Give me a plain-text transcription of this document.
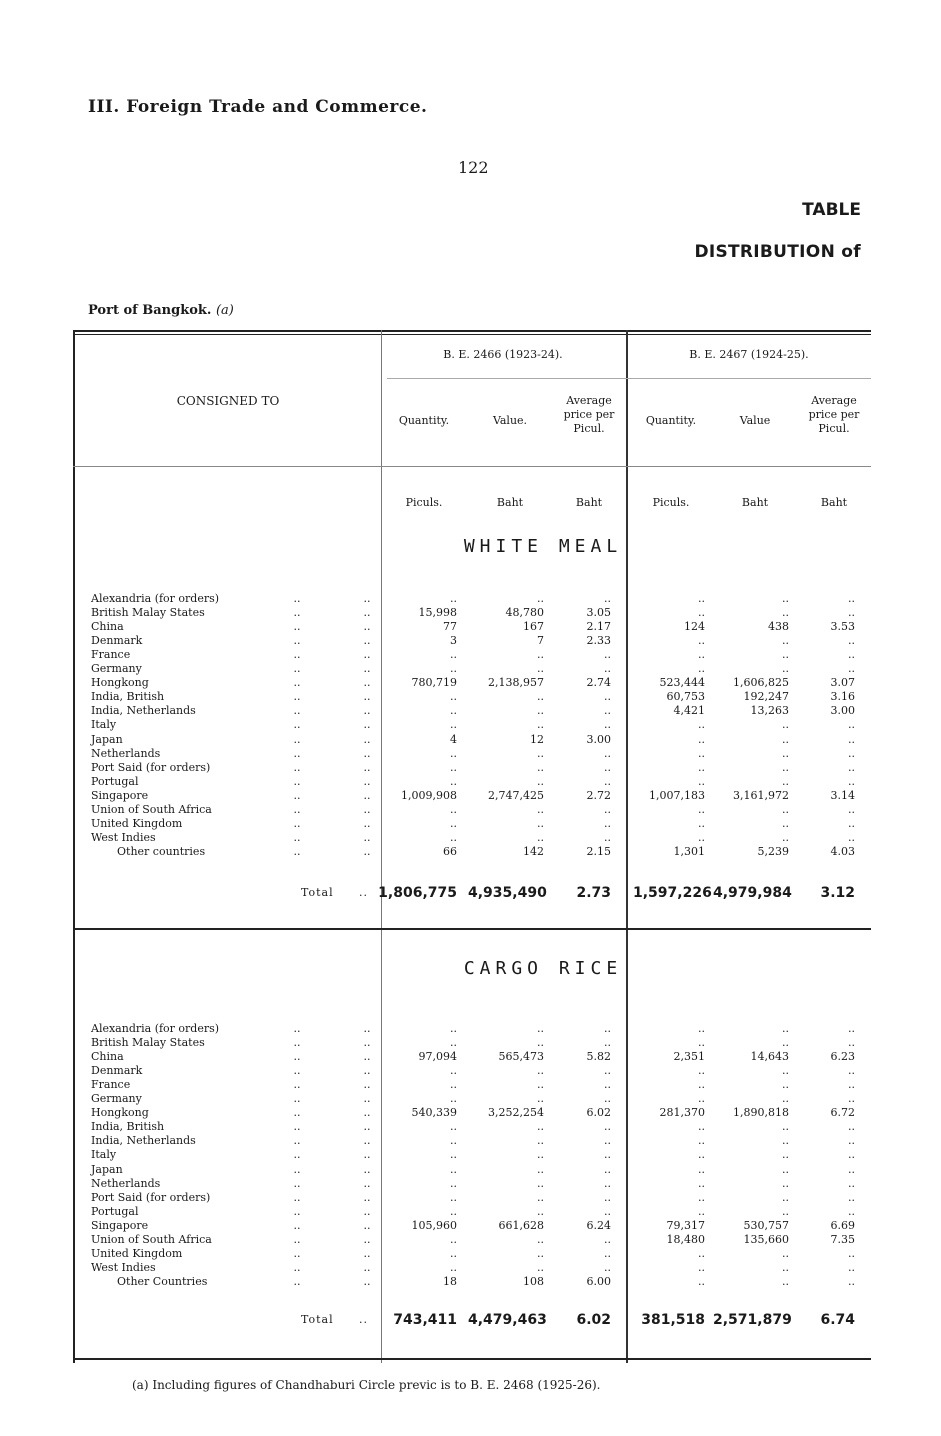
III. Foreign Trade and Commerce.
122
TABLE
DISTRIBUTION of
Port of Bangkok. (a)
B. E. 2466 (1923-24).	B. E. 2467 (1924-25).
CONSIGNED TO
Quantity.	Value.
Average price per Picul.
Quantity.	Value
Average price per Picul.
Piculs.	Baht	Baht	Piculs.	Baht	Baht
WHITE MEAL
CARGO RICE
Alexandria (for orders)	..	..	..	..	..	..	..	..
British Malay States	..	..	15,998	48,780	3.05	..	..	..
China	..	..	77	167	2.17	124	438	3.53
Denmark	..	..	3	7	2.33	..	..	..
France	..	..	..	..	..	..	..	..
Germany	..	..	..	..	..	..	..	..
Hongkong	..	..	780,719	2,138,957	2.74	523,444	1,606,825	3.07
India, British	..	..	..	..	..	60,753	192,247	3.16
India, Netherlands	..	..	..	..	..	4,421	13,263	3.00
Italy	..	..	..	..	..	..	..	..
Japan	..	..	4	12	3.00	..	..	..
Netherlands	..	..	..	..	..	..	..	..
Port Said (for orders)	..	..	..	..	..	..	..	..
Portugal	..	..	..	..	..	..	..	..
Singapore	..	..	1,009,908	2,747,425	2.72	1,007,183	3,161,972	3.14
Union of South Africa	..	..	..	..	..	..	..	..
United Kingdom	..	..	..	..	..	..	..	..
West Indies	..	..	..	..	..	..	..	..
Other countries	..	..	66	142	2.15	1,301	5,239	4.03
Total .. 1,806,775 4,935,490	2.73 1,597,226 4,979,984	3.12
Alexandria (for orders)	..	..	..	..	..	..	..	..
British Malay States	..	..	..	..	..	..	..	..
China	..	..	97,094	565,473	5.82	2,351	14,643	6.23
Denmark	..	..	..	..	..	..	..	..
France	..	..	..	..	..	..	..	..
Germany	..	..	..	..	..	..	..	..
Hongkong	..	..	540,339	3,252,254	6.02	281,370	1,890,818	6.72
India, British	..	..	..	..	..	..	..	..
India, Netherlands	..	..	..	..	..	..	..	..
Italy	..	..	..	..	..	..	..	..
Japan	..	..	..	..	..	..	..	..
Netherlands	..	..	..	..	..	..	..	..
Port Said (for orders)	..	..	..	..	..	..	..	..
Portugal	..	..	..	..	..	..	..	..
Singapore	..	..	105,960	661,628	6.24	79,317	530,757	6.69
Union of South Africa	..	..	..	..	..	18,480	135,660	7.35
United Kingdom	..	..	..	..	..	..	..	..
West Indies	..	..	..	..	..	..	..	..
Other Countries	..	..	18	108	6.00	..	..	..
Total ..	743,411 4,479,463	6.02	381,518 2,571,879	6.74
(a) Including figures of Chandhaburi Circle previc is to B. E. 2468 (1925-26).
